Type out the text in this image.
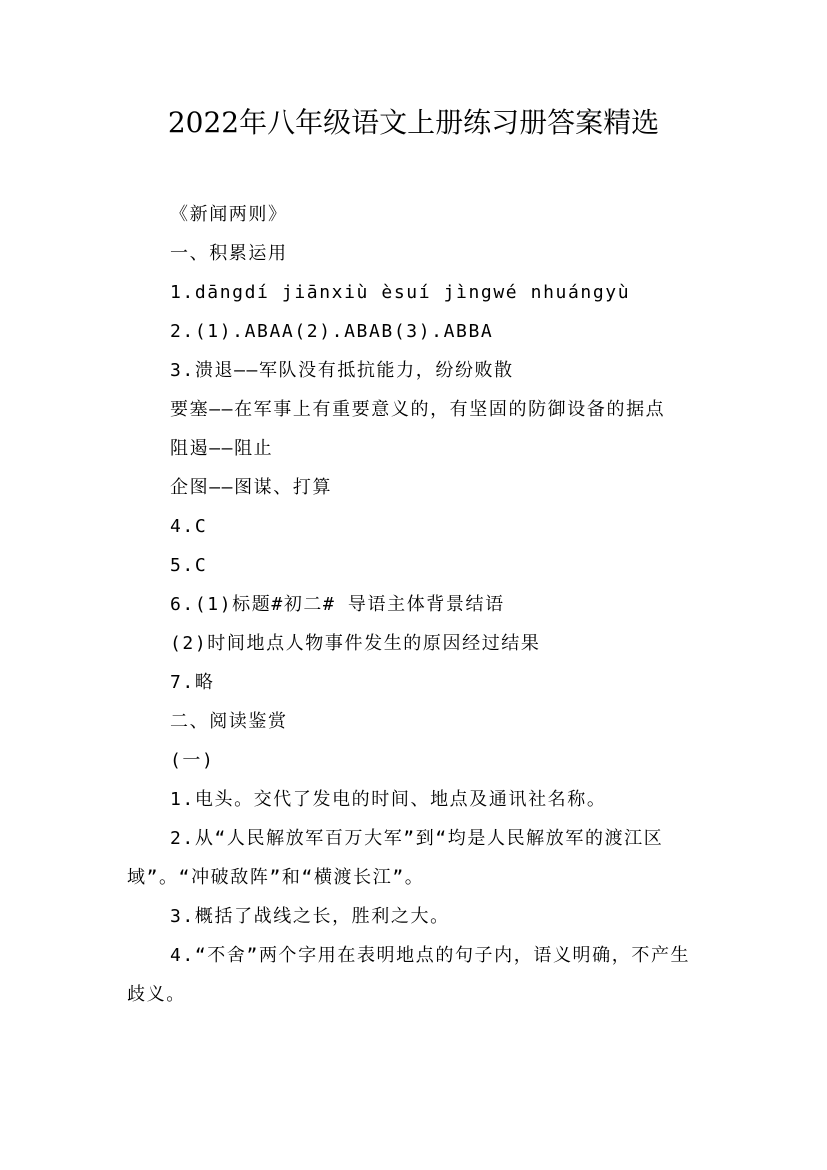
2022年八年级语文上册练习册答案精选

《新闻两则》

一、积累运用

1.dāngdí jiānxiù èsuí jìngwé nhuángyù

2.(1).ABAA(2).ABAB(3).ABBA

3.溃退——军队没有抵抗能力，纷纷败散

要塞——在军事上有重要意义的，有坚固的防御设备的据点

阻遏——阻止

企图——图谋、打算

4.C

5.C

6.(1)标题#初二# 导语主体背景结语

(2)时间地点人物事件发生的原因经过结果

7.略

二、阅读鉴赏

(一)

1.电头。交代了发电的时间、地点及通讯社名称。

2.从“人民解放军百万大军”到“均是人民解放军的渡江区域”。“冲破敌阵”和“横渡长江”。

3.概括了战线之长，胜利之大。

4.“不舍”两个字用在表明地点的句子内，语义明确，不产生歧义。
